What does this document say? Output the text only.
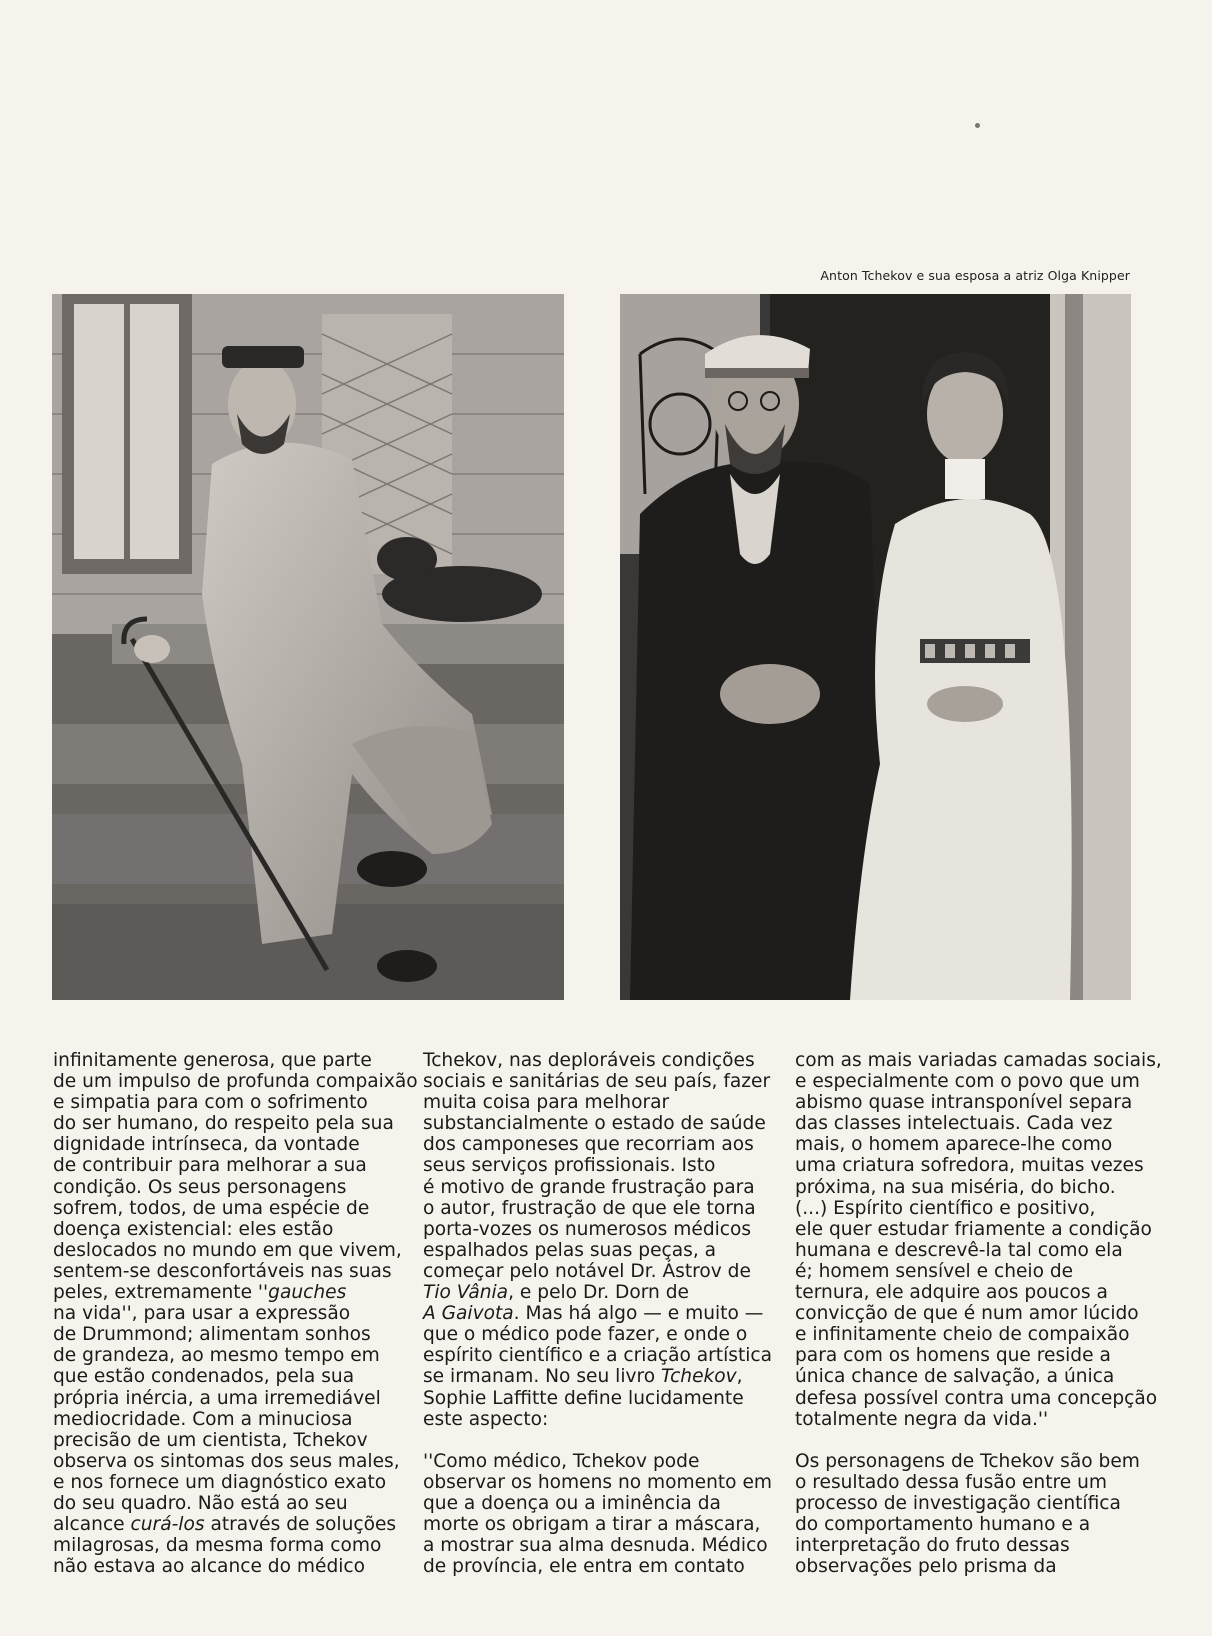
Anton Tchekov e sua esposa a atriz Olga Knipper

infinitamente generosa, que parte
de um impulso de profunda compaixão
e simpatia para com o sofrimento
do ser humano, do respeito pela sua
dignidade intrínseca, da vontade
de contribuir para melhorar a sua
condição. Os seus personagens
sofrem, todos, de uma espécie de
doença existencial: eles estão
deslocados no mundo em que vivem,
sentem-se desconfortáveis nas suas
peles, extremamente ''gauches
na vida'', para usar a expressão
de Drummond; alimentam sonhos
de grandeza, ao mesmo tempo em
que estão condenados, pela sua
própria inércia, a uma irremediável
mediocridade. Com a minuciosa
precisão de um cientista, Tchekov
observa os sintomas dos seus males,
e nos fornece um diagnóstico exato
do seu quadro. Não está ao seu
alcance curá-los através de soluções
milagrosas, da mesma forma como
não estava ao alcance do médico

Tchekov, nas deploráveis condições
sociais e sanitárias de seu país, fazer
muita coisa para melhorar
substancialmente o estado de saúde
dos camponeses que recorriam aos
seus serviços profissionais. Isto
é motivo de grande frustração para
o autor, frustração de que ele torna
porta-vozes os numerosos médicos
espalhados pelas suas peças, a
começar pelo notável Dr. Ástrov de
Tio Vânia, e pelo Dr. Dorn de
A Gaivota. Mas há algo — e muito —
que o médico pode fazer, e onde o
espírito científico e a criação artística
se irmanam. No seu livro Tchekov,
Sophie Laffitte define lucidamente
este aspecto:

''Como médico, Tchekov pode
observar os homens no momento em
que a doença ou a iminência da
morte os obrigam a tirar a máscara,
a mostrar sua alma desnuda. Médico
de província, ele entra em contato

com as mais variadas camadas sociais,
e especialmente com o povo que um
abismo quase intransponível separa
das classes intelectuais. Cada vez
mais, o homem aparece-lhe como
uma criatura sofredora, muitas vezes
próxima, na sua miséria, do bicho.
(...) Espírito científico e positivo,
ele quer estudar friamente a condição
humana e descrevê-la tal como ela
é; homem sensível e cheio de
ternura, ele adquire aos poucos a
convicção de que é num amor lúcido
e infinitamente cheio de compaixão
para com os homens que reside a
única chance de salvação, a única
defesa possível contra uma concepção
totalmente negra da vida.''

Os personagens de Tchekov são bem
o resultado dessa fusão entre um
processo de investigação científica
do comportamento humano e a
interpretação do fruto dessas
observações pelo prisma da
